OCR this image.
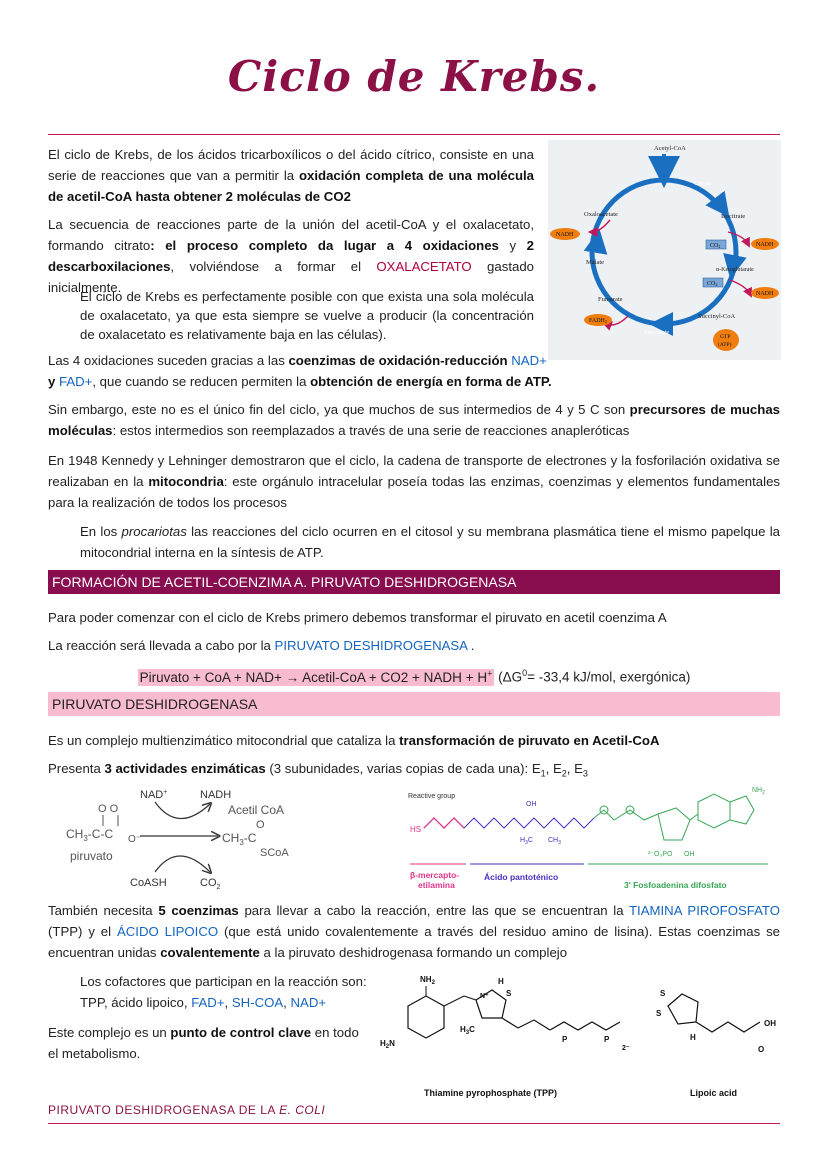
Ciclo de Krebs.
El ciclo de Krebs, de los ácidos tricarboxílicos o del ácido cítrico, consiste en una serie de reacciones que van a permitir la oxidación completa de una molécula de acetil-CoA hasta obtener 2 moléculas de CO2
La secuencia de reacciones parte de la unión del acetil-CoA y el oxalacetato, formando citrato: el proceso completo da lugar a 4 oxidaciones y 2 descarboxilaciones, volviéndose a formar el OXALACETATO gastado inicialmente.
El ciclo de Krebs es perfectamente posible con que exista una sola molécula de oxalacetato, ya que esta siempre se vuelve a producir (la concentración de oxalacetato es relativamente baja en las células).
Las 4 oxidaciones suceden gracias a las coenzimas de oxidación-reducción NAD+
y FAD+, que cuando se reducen permiten la obtención de energía en forma de ATP.
Acetyl-CoA
Citrate
Isocitrate
α-Ketoglutarate
Succinyl-CoA
Succinate
Fumarate
Malate
Oxaloacetate
NADH
NADH
NADH
FADH2
GTP
(ATP)
CO2
CO2
Sin embargo, este no es el único fin del ciclo, ya que muchos de sus intermedios de 4 y 5 C son precursores de muchas moléculas: estos intermedios son reemplazados a través de una serie de reacciones anapleróticas
En 1948 Kennedy y Lehninger demostraron que el ciclo, la cadena de transporte de electrones y la fosforilación oxidativa se realizaban en la mitocondria: este orgánulo intracelular poseía todas las enzimas, coenzimas y elementos fundamentales para la realización de todos los procesos
En los procariotas las reacciones del ciclo ocurren en el citosol y su membrana plasmática tiene el mismo papelque la mitocondrial interna en la síntesis de ATP.
FORMACIÓN DE ACETIL-COENZIMA A. PIRUVATO DESHIDROGENASA
Para poder comenzar con el ciclo de Krebs primero debemos transformar el piruvato en acetil coenzima A
La reacción será llevada a cabo por la PIRUVATO DESHIDROGENASA .
Piruvato + CoA + NAD+ → Acetil-CoA + CO2 + NADH + H+ ($\Delta G^0= -33,4$ kJ/mol, exergónica)
PIRUVATO DESHIDROGENASA
Es un complejo multienzimático mitocondrial que cataliza la transformación de piruvato en Acetil-CoA
Presenta 3 actividades enzimáticas (3 subunidades, varias copias de cada una): $E_1$, $E_2$, $E_3$
$CH_3-C-C$
O O
O⁻
piruvato
NAD+	NADH
CoASH	$CO_2$
Acetil CoA
$CH_3-C$
O
SCoA
Reactive group
HS
OH
$H_3C$ $CH_3$
$NH_2$
²⁻O₃PO OH
β-mercapto-
etilamina
Ácido pantoténico
3' Fosfoadenina difosfato
También necesita 5 coenzimas para llevar a cabo la reacción, entre las que se encuentran la TIAMINA PIROFOSFATO (TPP) y el ÁCIDO LIPOICO (que está unido covalentemente a través del residuo amino de lisina). Estas coenzimas se encuentran unidas covalentemente a la piruvato deshidrogenasa formando un complejo
Los cofactores que participan en la reacción son: TPP, ácido lipoico, FAD+, SH-COA, NAD+
Este complejo es un punto de control clave en todo el metabolismo.
$NH_2$
$H_2N$
N⁺ S
H
$H_3C$
P	P
2⁻
Thiamine pyrophosphate (TPP)
S
S
H
OH
O
Lipoic acid
PIRUVATO DESHIDROGENASA DE LA E. COLI
